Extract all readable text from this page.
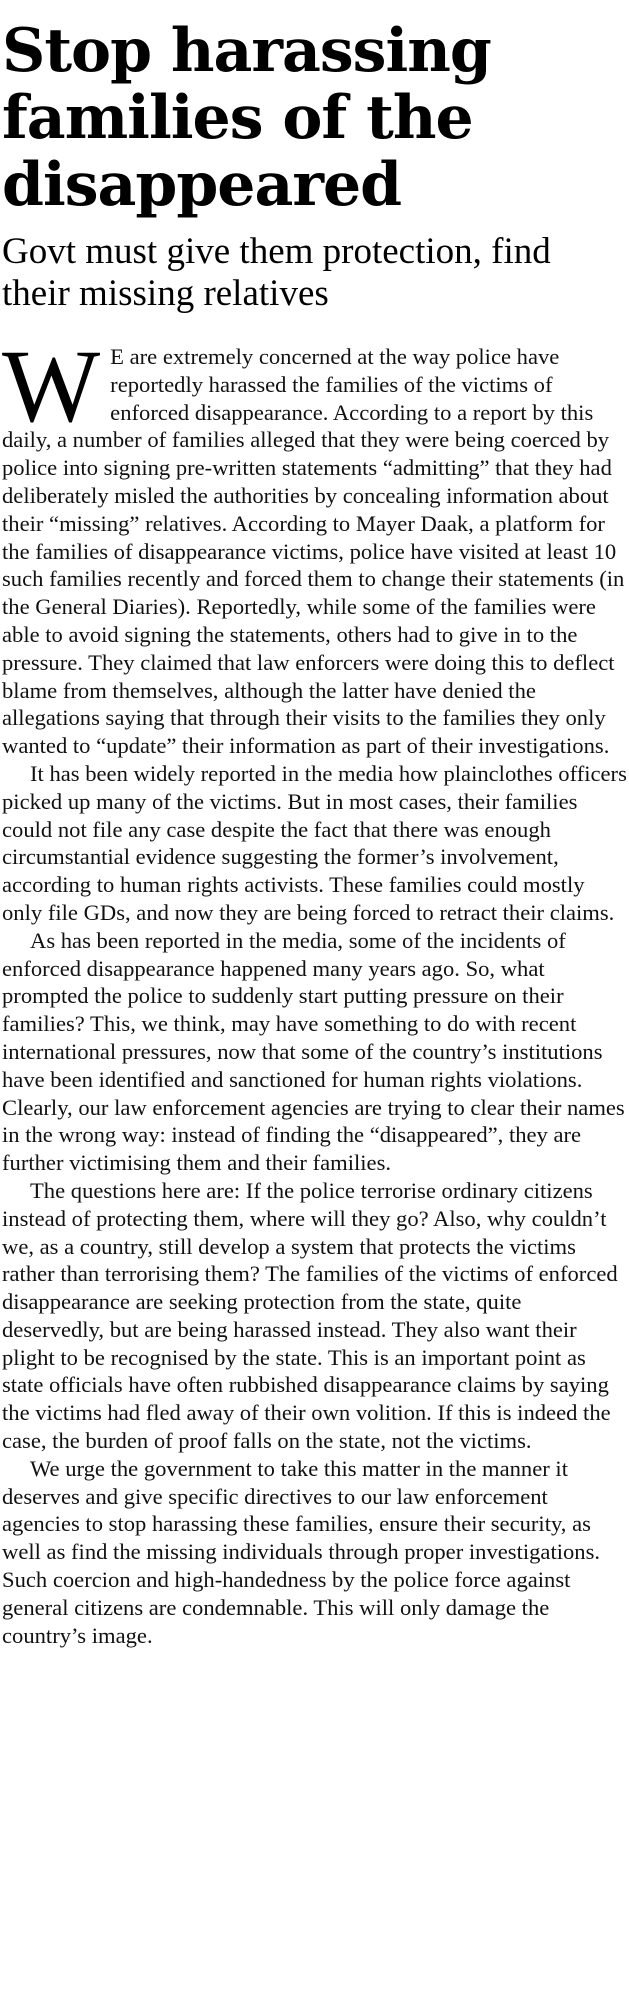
Stop harassing families of the disappeared
Govt must give them protection, find their missing relatives

W E are extremely concerned at the way police have reportedly harassed the families of the victims of enforced disappearance. According to a report by this daily, a number of families alleged that they were being coerced by police into signing pre-written statements “admitting” that they had deliberately misled the authorities by concealing information about their “missing” relatives. According to Mayer Daak, a platform for the families of disappearance victims, police have visited at least 10 such families recently and forced them to change their statements (in the General Diaries). Reportedly, while some of the families were able to avoid signing the statements, others had to give in to the pressure. They claimed that law enforcers were doing this to deflect blame from themselves, although the latter have denied the allegations saying that through their visits to the families they only wanted to “update” their information as part of their investigations.

It has been widely reported in the media how plainclothes officers picked up many of the victims. But in most cases, their families could not file any case despite the fact that there was enough circumstantial evidence suggesting the former’s involvement, according to human rights activists. These families could mostly only file GDs, and now they are being forced to retract their claims.

As has been reported in the media, some of the incidents of enforced disappearance happened many years ago. So, what prompted the police to suddenly start putting pressure on their families? This, we think, may have something to do with recent international pressures, now that some of the country’s institutions have been identified and sanctioned for human rights violations. Clearly, our law enforcement agencies are trying to clear their names in the wrong way: instead of finding the “disappeared”, they are further victimising them and their families.

The questions here are: If the police terrorise ordinary citizens instead of protecting them, where will they go? Also, why couldn’t we, as a country, still develop a system that protects the victims rather than terrorising them? The families of the victims of enforced disappearance are seeking protection from the state, quite deservedly, but are being harassed instead. They also want their plight to be recognised by the state. This is an important point as state officials have often rubbished disappearance claims by saying the victims had fled away of their own volition. If this is indeed the case, the burden of proof falls on the state, not the victims.

We urge the government to take this matter in the manner it deserves and give specific directives to our law enforcement agencies to stop harassing these families, ensure their security, as well as find the missing individuals through proper investigations. Such coercion and high-handedness by the police force against general citizens are condemnable. This will only damage the country’s image.
